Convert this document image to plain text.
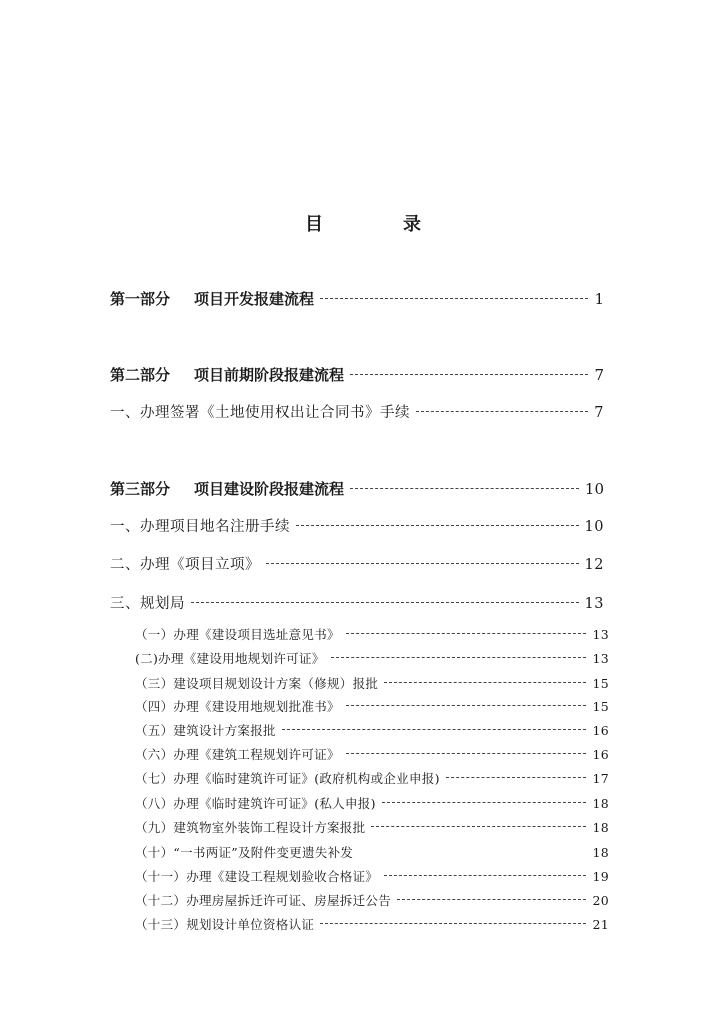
目	录
第一部分 项目开发报建流程	1
第二部分 项目前期阶段报建流程	7
一、办理签署《土地使用权出让合同书》手续	7
第三部分 项目建设阶段报建流程	10
一、办理项目地名注册手续	10
二、办理《项目立项》	12
三、规划局	13
（一）办理《建设项目选址意见书》	13
(二)办理《建设用地规划许可证》	13
（三）建设项目规划设计方案（修规）报批	15
（四）办理《建设用地规划批准书》	15
（五）建筑设计方案报批	16
（六）办理《建筑工程规划许可证》	16
（七）办理《临时建筑许可证》(政府机构或企业申报)	17
（八）办理《临时建筑许可证》(私人申报)	18
（九）建筑物室外装饰工程设计方案报批	18
（十）“一书两证”及附件变更遗失补发	18
（十一）办理《建设工程规划验收合格证》	19
（十二）办理房屋拆迁许可证、房屋拆迁公告	20
（十三）规划设计单位资格认证	21
